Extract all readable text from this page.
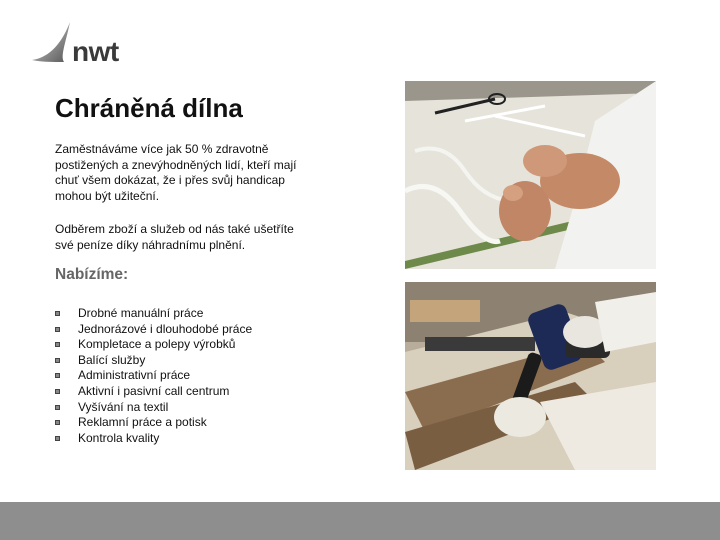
nwt
Chráněná dílna

Zaměstnáváme více jak 50 % zdravotně
postižených a znevýhodněných lidí, kteří mají
chuť všem dokázat, že i přes svůj handicap
mohou být užiteční.

Odběrem zboží a služeb od nás také ušetříte
své peníze díky náhradnímu plnění.

Nabízíme:
Drobné manuální práce
Jednorázové i dlouhodobé práce
Kompletace a polepy výrobků
Balící služby
Administrativní práce
Aktivní i pasivní call centrum
Vyšívání na textil
Reklamní práce a potisk
Kontrola kvality
